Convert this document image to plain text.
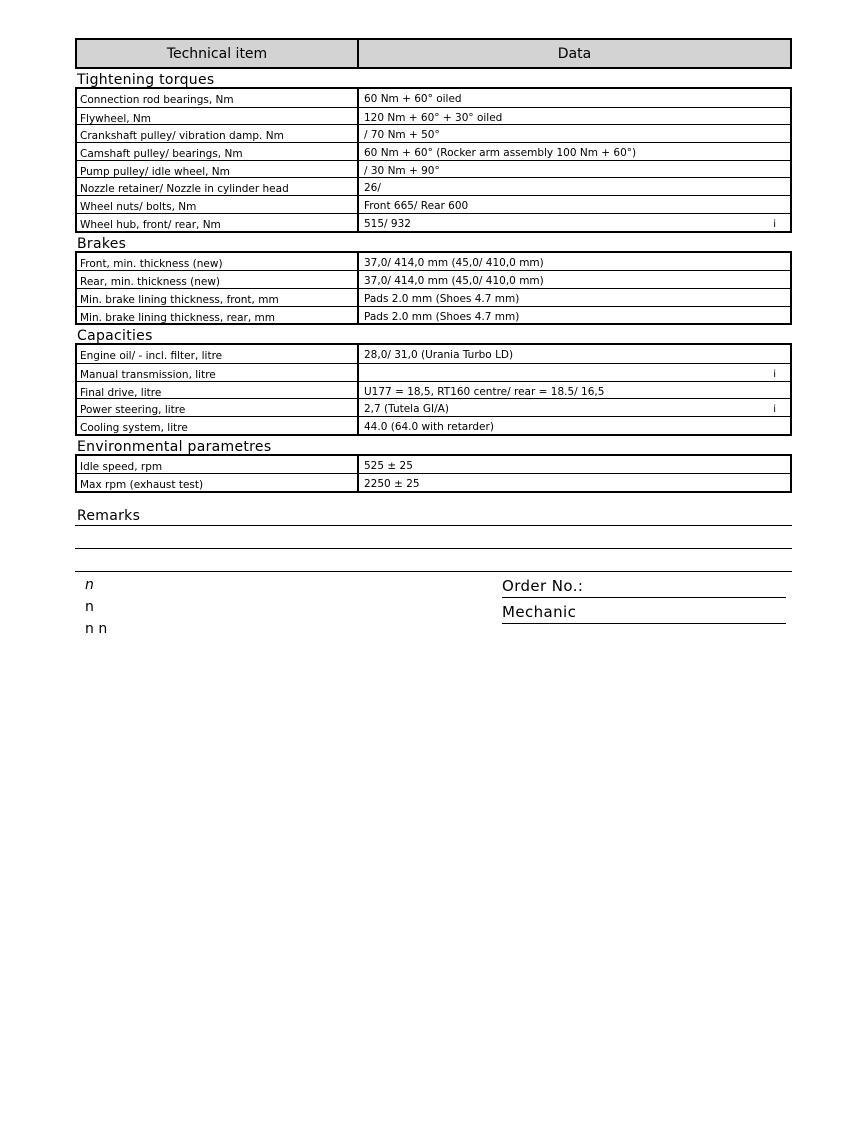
Technical item	Data
Tightening torques
Connection rod bearings, Nm	60 Nm + 60° oiled
Flywheel, Nm	120 Nm + 60° + 30° oiled
Crankshaft pulley/ vibration damp. Nm	/ 70 Nm + 50°
Camshaft pulley/ bearings, Nm	60 Nm + 60° (Rocker arm assembly 100 Nm + 60°)
Pump pulley/ idle wheel, Nm	/ 30 Nm + 90°
Nozzle retainer/ Nozzle in cylinder head	26/
Wheel nuts/ bolts, Nm	Front 665/ Rear 600
Wheel hub, front/ rear, Nm	515/ 932	i
Brakes
Front, min. thickness (new)	37,0/ 414,0 mm (45,0/ 410,0 mm)
Rear, min. thickness (new)	37,0/ 414,0 mm (45,0/ 410,0 mm)
Min. brake lining thickness, front, mm	Pads 2.0 mm (Shoes 4.7 mm)
Min. brake lining thickness, rear, mm	Pads 2.0 mm (Shoes 4.7 mm)
Capacities
Engine oil/ - incl. filter, litre	28,0/ 31,0 (Urania Turbo LD)
Manual transmission, litre	i
Final drive, litre	U177 = 18,5, RT160 centre/ rear = 18.5/ 16,5
Power steering, litre	2,7 (Tutela GI/A)	i
Cooling system, litre	44.0 (64.0 with retarder)
Environmental parametres
Idle speed, rpm	525 ± 25
Max rpm (exhaust test)	2250 ± 25
Remarks
n
n
n n
Order No.:
Mechanic
